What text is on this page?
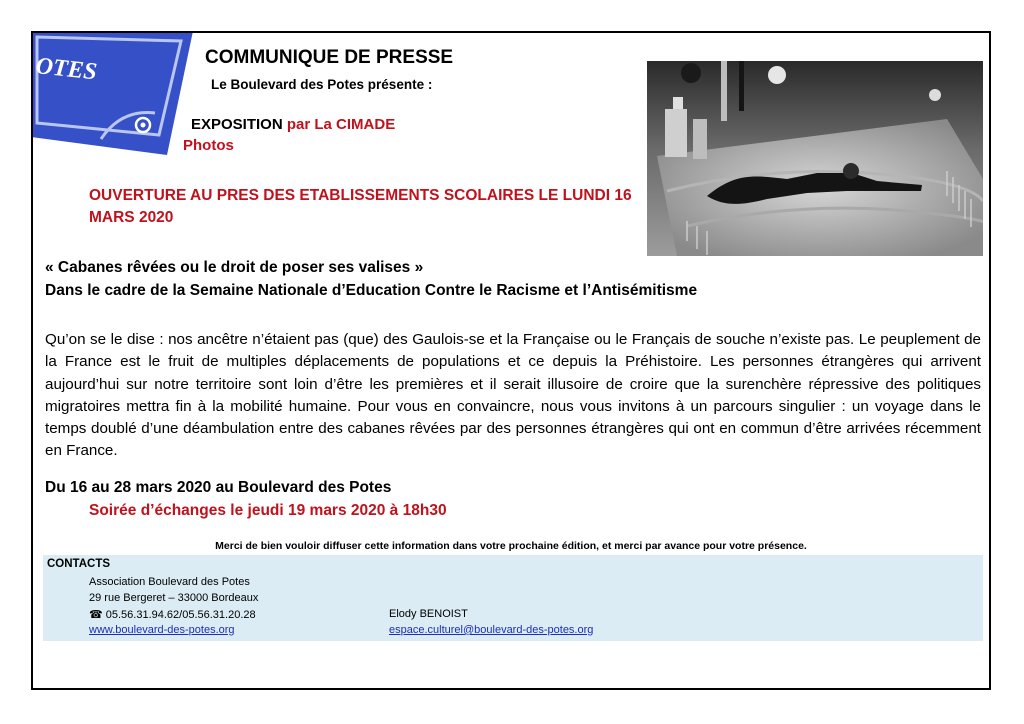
OTES	COMMUNIQUE DE PRESSE
Le Boulevard des Potes présente :
EXPOSITION par La CIMADE
Photos
OUVERTURE AU PRES DES ETABLISSEMENTS SCOLAIRES LE LUNDI 16 MARS 2020
« Cabanes rêvées ou le droit de poser ses valises »
Dans le cadre de la Semaine Nationale d’Education Contre le Racisme et l’Antisémitisme

Qu’on se le dise : nos ancêtre n’étaient pas (que) des Gaulois-se et la Française ou le Français de souche n’existe pas. Le peuplement de la France est le fruit de multiples déplacements de populations et ce depuis la Préhistoire. Les personnes étrangères qui arrivent aujourd’hui sur notre territoire sont loin d’être les premières et il serait illusoire de croire que la surenchère répressive des politiques migratoires mettra fin à la mobilité humaine. Pour vous en convaincre, nous vous invitons à un parcours singulier : un voyage dans le temps doublé d’une déambulation entre des cabanes rêvées par des personnes étrangères qui ont en commun d’être arrivées récemment en France.

Du 16 au 28 mars 2020 au Boulevard des Potes
Soirée d’échanges le jeudi 19 mars 2020 à 18h30
Merci de bien vouloir diffuser cette information dans votre prochaine édition, et merci par avance pour votre présence.
CONTACTS
Association Boulevard des Potes
29 rue Bergeret – 33000 Bordeaux
☎ 05.56.31.94.62/05.56.31.20.28
www.boulevard-des-potes.org
Elody BENOIST
espace.culturel@boulevard-des-potes.org
